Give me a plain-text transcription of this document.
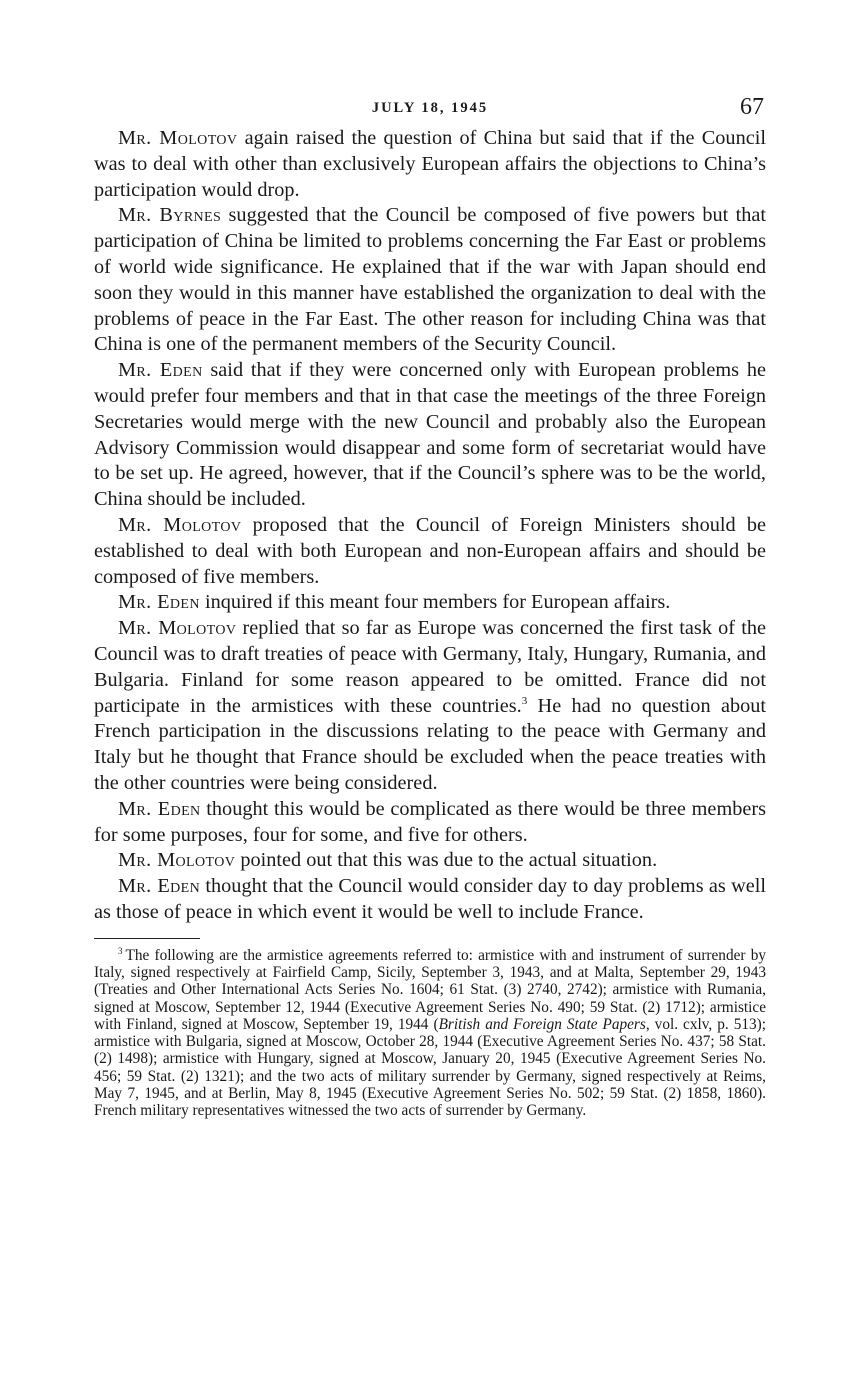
JULY 18, 1945	67

Mr. Molotov again raised the question of China but said that if the Council was to deal with other than exclusively European affairs the objections to China’s participation would drop.

Mr. Byrnes suggested that the Council be composed of five powers but that participation of China be limited to problems concerning the Far East or problems of world wide significance. He explained that if the war with Japan should end soon they would in this manner have established the organization to deal with the problems of peace in the Far East. The other reason for including China was that China is one of the permanent members of the Security Council.

Mr. Eden said that if they were concerned only with European problems he would prefer four members and that in that case the meetings of the three Foreign Secretaries would merge with the new Council and probably also the European Advisory Commission would disappear and some form of secretariat would have to be set up. He agreed, however, that if the Council’s sphere was to be the world, China should be included.

Mr. Molotov proposed that the Council of Foreign Ministers should be established to deal with both European and non-European affairs and should be composed of five members.

Mr. Eden inquired if this meant four members for European affairs.

Mr. Molotov replied that so far as Europe was concerned the first task of the Council was to draft treaties of peace with Germany, Italy, Hungary, Rumania, and Bulgaria. Finland for some reason appeared to be omitted. France did not participate in the armistices with these countries.$^3$ He had no question about French participation in the discussions relating to the peace with Germany and Italy but he thought that France should be excluded when the peace treaties with the other countries were being considered.

Mr. Eden thought this would be complicated as there would be three members for some purposes, four for some, and five for others.

Mr. Molotov pointed out that this was due to the actual situation.

Mr. Eden thought that the Council would consider day to day problems as well as those of peace in which event it would be well to include France.

$^3$ The following are the armistice agreements referred to: armistice with and instrument of surrender by Italy, signed respectively at Fairfield Camp, Sicily, September 3, 1943, and at Malta, September 29, 1943 (Treaties and Other International Acts Series No. 1604; 61 Stat. (3) 2740, 2742); armistice with Rumania, signed at Moscow, September 12, 1944 (Executive Agreement Series No. 490; 59 Stat. (2) 1712); armistice with Finland, signed at Moscow, September 19, 1944 (British and Foreign State Papers, vol. cxlv, p. 513); armistice with Bulgaria, signed at Moscow, October 28, 1944 (Executive Agreement Series No. 437; 58 Stat. (2) 1498); armistice with Hungary, signed at Moscow, January 20, 1945 (Executive Agreement Series No. 456; 59 Stat. (2) 1321); and the two acts of military surrender by Germany, signed respectively at Reims, May 7, 1945, and at Berlin, May 8, 1945 (Executive Agreement Series No. 502; 59 Stat. (2) 1858, 1860). French military representatives witnessed the two acts of surrender by Germany.
